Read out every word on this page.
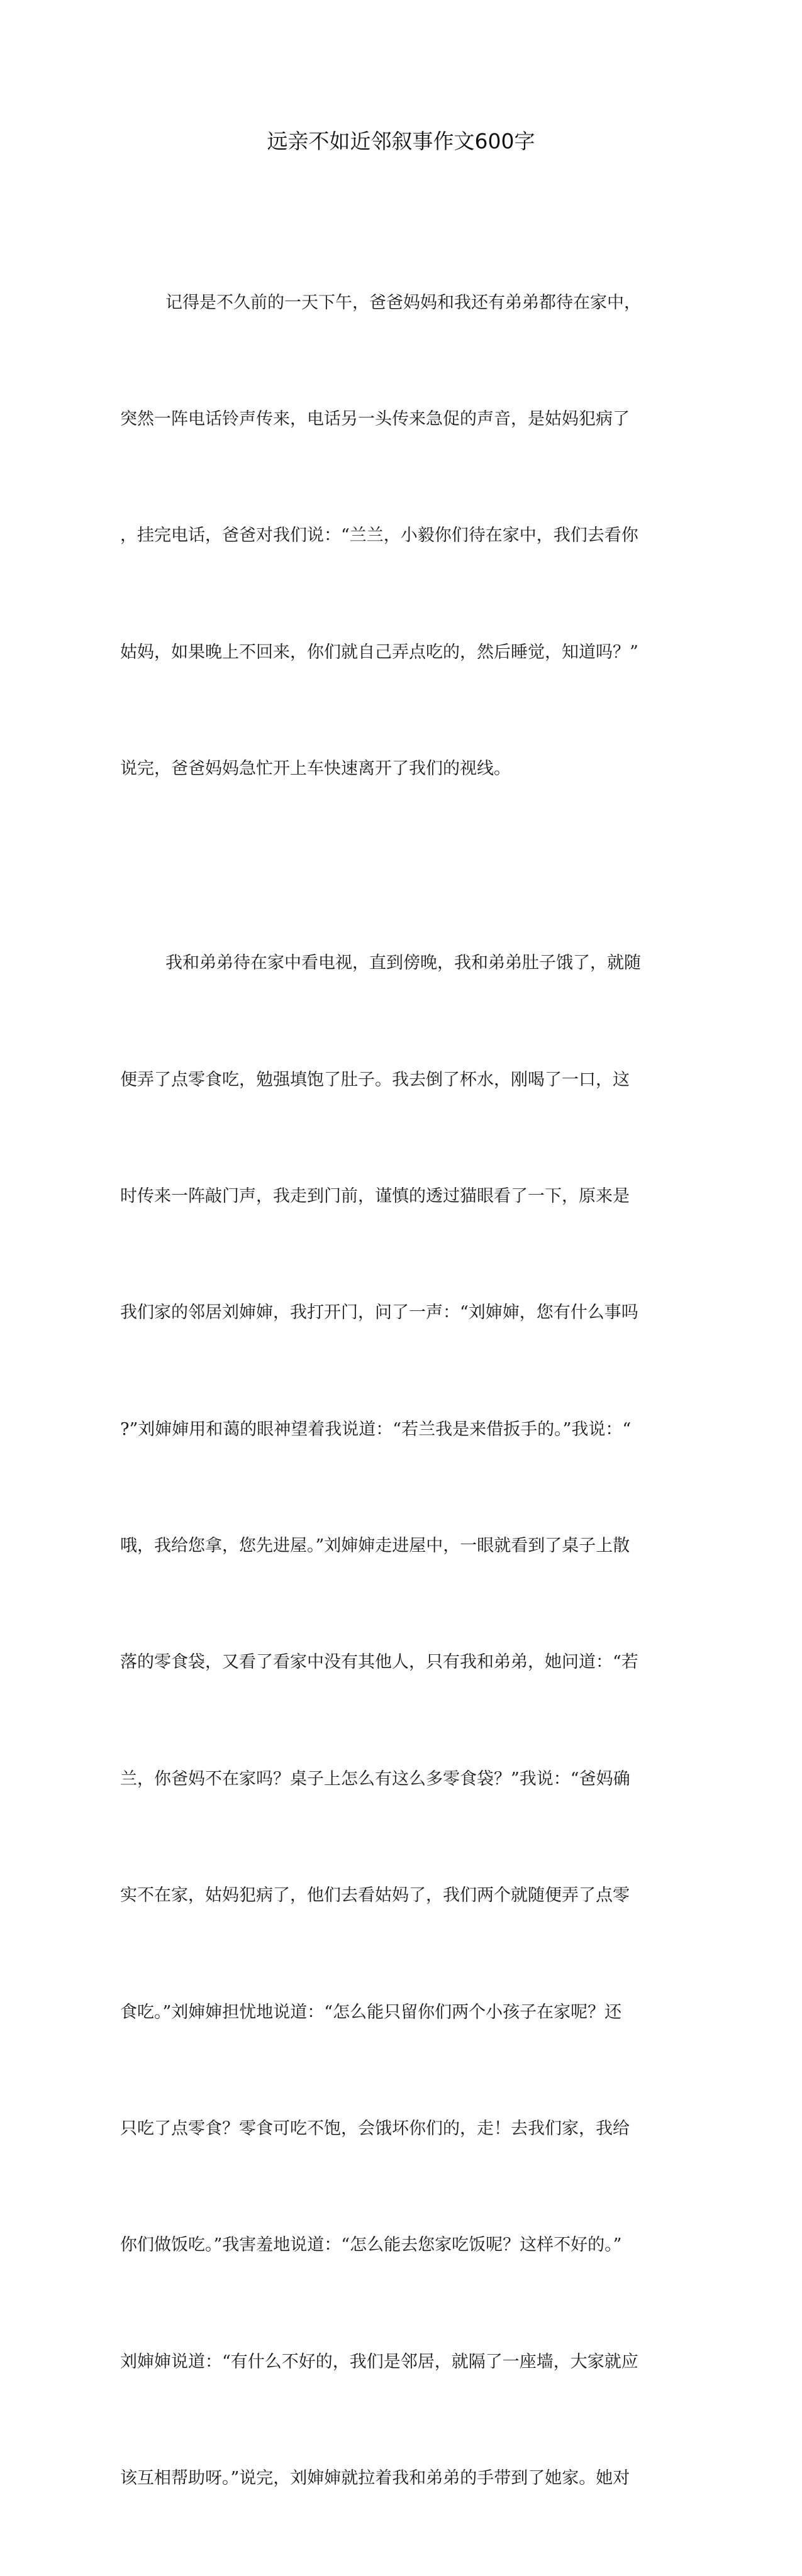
远亲不如近邻叙事作文600字

记得是不久前的一天下午，爸爸妈妈和我还有弟弟都待在家中，

突然一阵电话铃声传来，电话另一头传来急促的声音，是姑妈犯病了

，挂完电话，爸爸对我们说：“兰兰，小毅你们待在家中，我们去看你

姑妈，如果晚上不回来，你们就自己弄点吃的，然后睡觉，知道吗？”

说完，爸爸妈妈急忙开上车快速离开了我们的视线。

我和弟弟待在家中看电视，直到傍晚，我和弟弟肚子饿了，就随

便弄了点零食吃，勉强填饱了肚子。我去倒了杯水，刚喝了一口，这

时传来一阵敲门声，我走到门前，谨慎的透过猫眼看了一下，原来是

我们家的邻居刘婶婶，我打开门，问了一声：“刘婶婶，您有什么事吗

?”刘婶婶用和蔼的眼神望着我说道：“若兰我是来借扳手的。”我说：“

哦，我给您拿，您先进屋。”刘婶婶走进屋中，一眼就看到了桌子上散

落的零食袋，又看了看家中没有其他人，只有我和弟弟，她问道：“若

兰，你爸妈不在家吗？桌子上怎么有这么多零食袋？”我说：“爸妈确

实不在家，姑妈犯病了，他们去看姑妈了，我们两个就随便弄了点零

食吃。”刘婶婶担忧地说道：“怎么能只留你们两个小孩子在家呢？还

只吃了点零食？零食可吃不饱，会饿坏你们的，走！去我们家，我给

你们做饭吃。”我害羞地说道：“怎么能去您家吃饭呢？这样不好的。”

刘婶婶说道：“有什么不好的，我们是邻居，就隔了一座墙，大家就应

该互相帮助呀。”说完，刘婶婶就拉着我和弟弟的手带到了她家。她对
